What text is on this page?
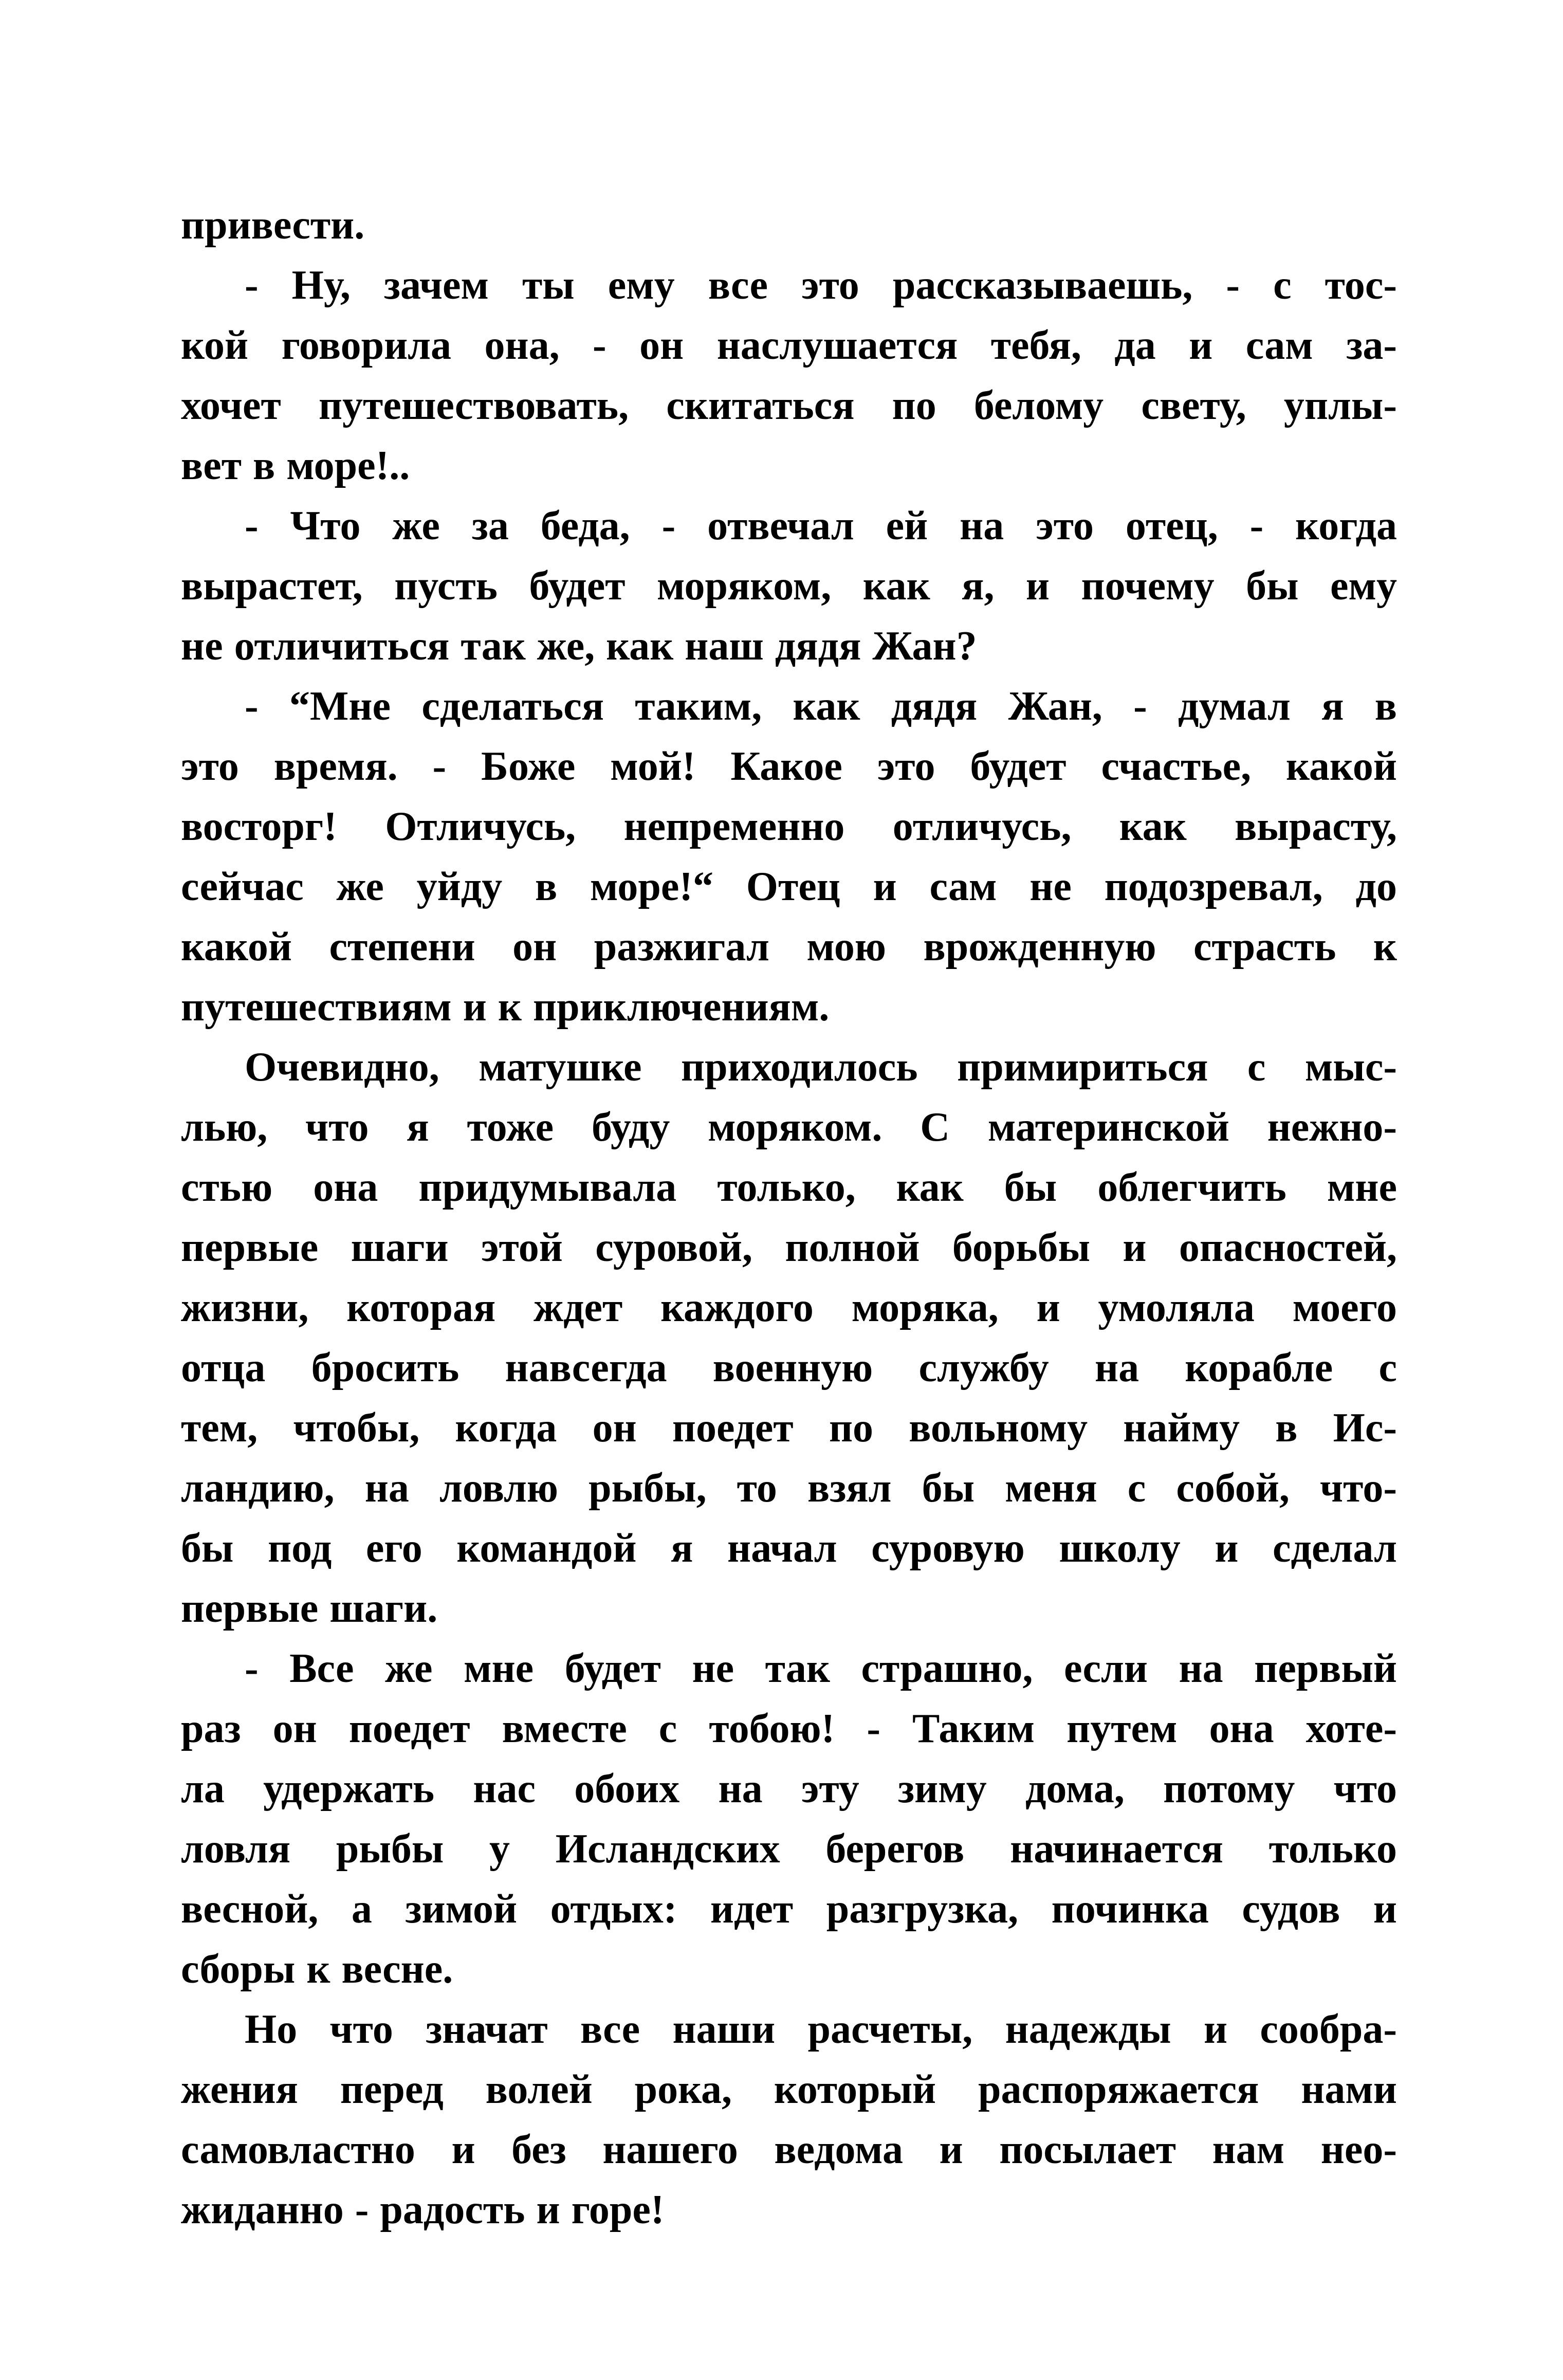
привести.
- Ну, зачем ты ему все это рассказываешь, - с тос-
кой говорила она, - он наслушается тебя, да и сам за-
хочет путешествовать, скитаться по белому свету, уплы-
вет в море!..
- Что же за беда, - отвечал ей на это отец, - когда
вырастет, пусть будет моряком, как я, и почему бы ему
не отличиться так же, как наш дядя Жан?
- “Мне сделаться таким, как дядя Жан, - думал я в
это время. - Боже мой! Какое это будет счастье, какой
восторг! Отличусь, непременно отличусь, как вырасту,
сейчас же уйду в море!“ Отец и сам не подозревал, до
какой степени он разжигал мою врожденную страсть к
путешествиям и к приключениям.
Очевидно, матушке приходилось примириться с мыс-
лью, что я тоже буду моряком. С материнской нежно-
стью она придумывала только, как бы облегчить мне
первые шаги этой суровой, полной борьбы и опасностей,
жизни, которая ждет каждого моряка, и умоляла моего
отца бросить навсегда военную службу на корабле с
тем, чтобы, когда он поедет по вольному найму в Ис-
ландию, на ловлю рыбы, то взял бы меня с собой, что-
бы под его командой я начал суровую школу и сделал
первые шаги.
- Все же мне будет не так страшно, если на первый
раз он поедет вместе с тобою! - Таким путем она хоте-
ла удержать нас обоих на эту зиму дома, потому что
ловля рыбы у Исландских берегов начинается только
весной, а зимой отдых: идет разгрузка, починка судов и
сборы к весне.
Но что значат все наши расчеты, надежды и сообра-
жения перед волей рока, который распоряжается нами
самовластно и без нашего ведома и посылает нам нео-
жиданно - радость и горе!
